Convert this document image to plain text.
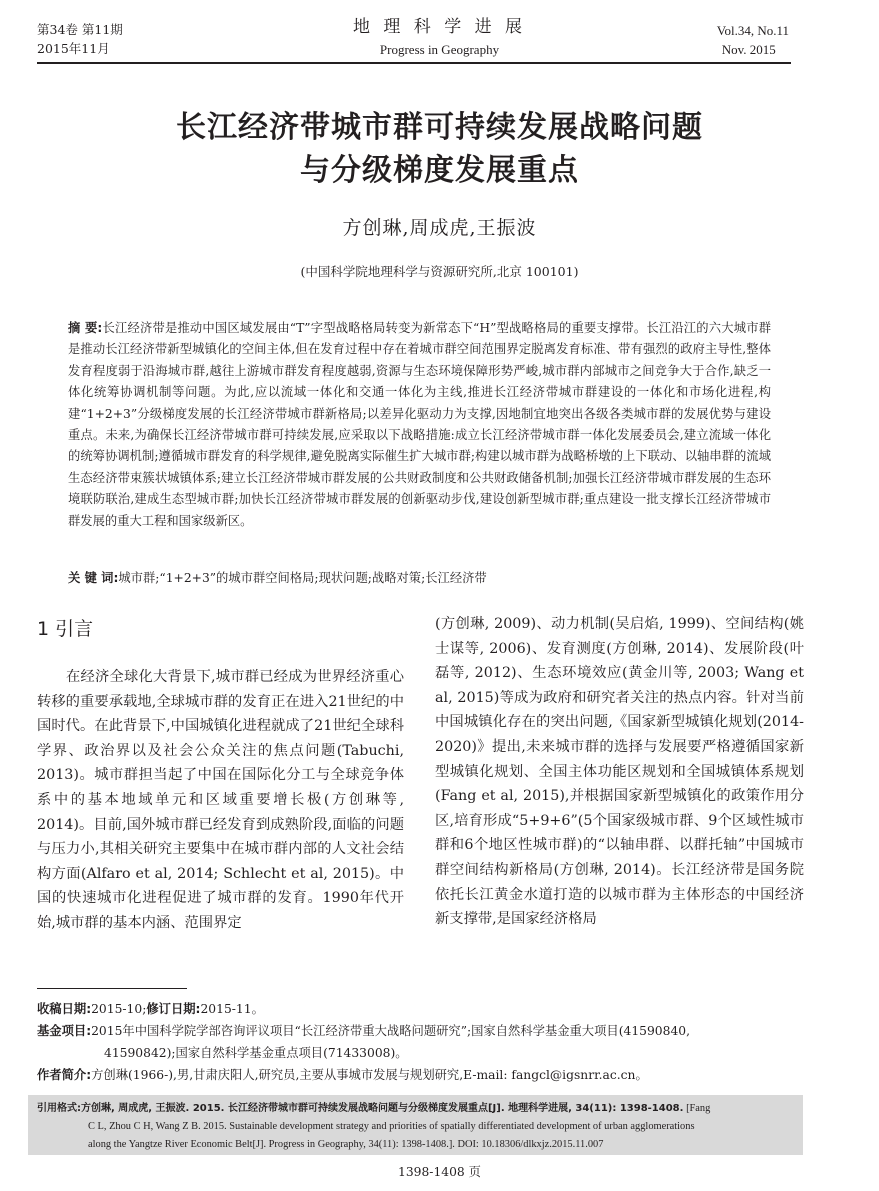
第34卷 第11期
2015年11月
地 理 科 学 进 展
Progress in Geography
Vol.34, No.11
Nov. 2015
长江经济带城市群可持续发展战略问题
与分级梯度发展重点
方创琳,周成虎,王振波
(中国科学院地理科学与资源研究所,北京 100101)
摘 要:长江经济带是推动中国区域发展由“T”字型战略格局转变为新常态下“H”型战略格局的重要支撑带。长江沿江的六大城市群是推动长江经济带新型城镇化的空间主体,但在发育过程中存在着城市群空间范围界定脱离发育标准、带有强烈的政府主导性,整体发育程度弱于沿海城市群,越往上游城市群发育程度越弱,资源与生态环境保障形势严峻,城市群内部城市之间竞争大于合作,缺乏一体化统筹协调机制等问题。为此,应以流域一体化和交通一体化为主线,推进长江经济带城市群建设的一体化和市场化进程,构建“1+2+3”分级梯度发展的长江经济带城市群新格局;以差异化驱动力为支撑,因地制宜地突出各级各类城市群的发展优势与建设重点。未来,为确保长江经济带城市群可持续发展,应采取以下战略措施:成立长江经济带城市群一体化发展委员会,建立流域一体化的统筹协调机制;遵循城市群发育的科学规律,避免脱离实际催生扩大城市群;构建以城市群为战略桥墩的上下联动、以轴串群的流域生态经济带束簇状城镇体系;建立长江经济带城市群发展的公共财政制度和公共财政储备机制;加强长江经济带城市群发展的生态环境联防联治,建成生态型城市群;加快长江经济带城市群发展的创新驱动步伐,建设创新型城市群;重点建设一批支撑长江经济带城市群发展的重大工程和国家级新区。
关 键 词:城市群;“1+2+3”的城市群空间格局;现状问题;战略对策;长江经济带
1 引言
在经济全球化大背景下,城市群已经成为世界经济重心转移的重要承载地,全球城市群的发育正在进入21世纪的中国时代。在此背景下,中国城镇化进程就成了21世纪全球科学界、政治界以及社会公众关注的焦点问题(Tabuchi, 2013)。城市群担当起了中国在国际化分工与全球竞争体系中的基本地域单元和区域重要增长极(方创琳等, 2014)。目前,国外城市群已经发育到成熟阶段,面临的问题与压力小,其相关研究主要集中在城市群内部的人文社会结构方面(Alfaro et al, 2014; Schlecht et al, 2015)。中国的快速城市化进程促进了城市群的发育。1990年代开始,城市群的基本内涵、范围界定
(方创琳, 2009)、动力机制(吴启焰, 1999)、空间结构(姚士谋等, 2006)、发育测度(方创琳, 2014)、发展阶段(叶磊等, 2012)、生态环境效应(黄金川等, 2003; Wang et al, 2015)等成为政府和研究者关注的热点内容。针对当前中国城镇化存在的突出问题,《国家新型城镇化规划(2014-2020)》提出,未来城市群的选择与发展要严格遵循国家新型城镇化规划、全国主体功能区规划和全国城镇体系规划(Fang et al, 2015),并根据国家新型城镇化的政策作用分区,培育形成“5+9+6”(5个国家级城市群、9个区域性城市群和6个地区性城市群)的“以轴串群、以群托轴”中国城市群空间结构新格局(方创琳, 2014)。长江经济带是国务院依托长江黄金水道打造的以城市群为主体形态的中国经济新支撑带,是国家经济格局
收稿日期:2015-10;修订日期:2015-11。
基金项目:2015年中国科学院学部咨询评议项目“长江经济带重大战略问题研究”;国家自然科学基金重大项目(41590840,
41590842);国家自然科学基金重点项目(71433008)。
作者简介:方创琳(1966-),男,甘肃庆阳人,研究员,主要从事城市发展与规划研究,E-mail: fangcl@igsnrr.ac.cn。
引用格式:方创琳, 周成虎, 王振波. 2015. 长江经济带城市群可持续发展战略问题与分级梯度发展重点[J]. 地理科学进展, 34(11): 1398-1408. [Fang
C L, Zhou C H, Wang Z B. 2015. Sustainable development strategy and priorities of spatially differentiated development of urban agglomerations
along the Yangtze River Economic Belt[J]. Progress in Geography, 34(11): 1398-1408.]. DOI: 10.18306/dlkxjz.2015.11.007
1398-1408 页
